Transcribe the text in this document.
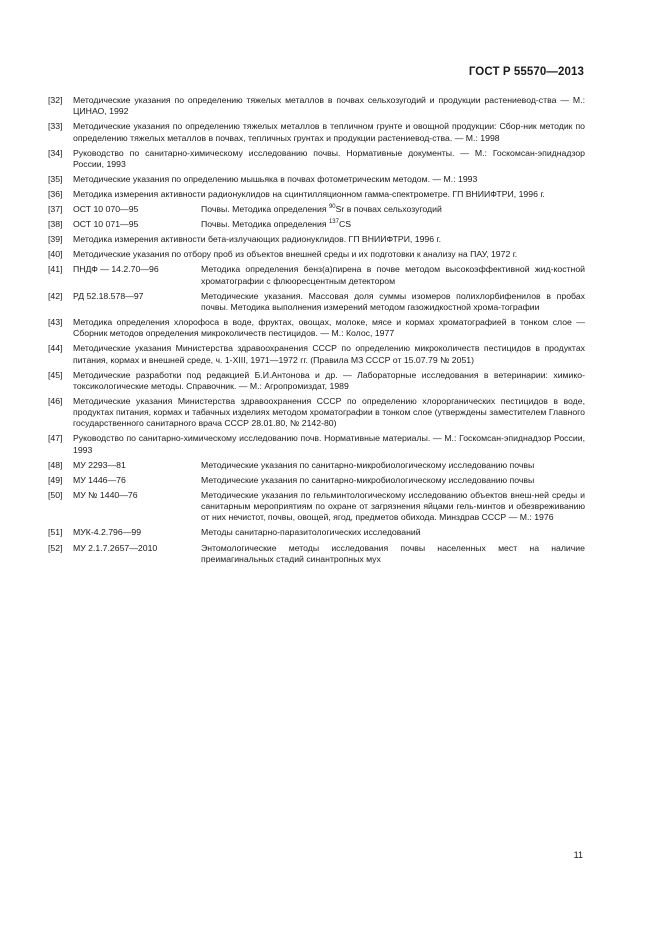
ГОСТ Р 55570—2013
[32]	Методические указания по определению тяжелых металлов в почвах сельхозугодий и продукции растениевод-ства — М.: ЦИНАО, 1992
[33]	Методические указания по определению тяжелых металлов в тепличном грунте и овощной продукции: Сбор-ник методик по определению тяжелых металлов в почвах, тепличных грунтах и продукции растениевод-ства. — М.: 1998
[34]	Руководство по санитарно-химическому исследованию почвы. Нормативные документы. — М.: Госкомсан-эпиднадзор России, 1993
[35]	Методические указания по определению мышьяка в почвах фотометрическим методом. — М.: 1993
[36]	Методика измерения активности радионуклидов на сцинтилляционном гамма-спектрометре. ГП ВНИИФТРИ, 1996 г.
[37]	ОСТ 10 070—95	Почвы. Методика определения $^{90}$Sr в почвах сельхозугодий
[38]	ОСТ 10 071—95	Почвы. Методика определения $^{137}$CS
[39]	Методика измерения активности бета-излучающих радионуклидов. ГП ВНИИФТРИ, 1996 г.
[40]	Методические указания по отбору проб из объектов внешней среды и их подготовки к анализу на ПАУ, 1972 г.
[41]	ПНДФ — 14.2.70—96	Методика определения бенз(а)пирена в почве методом высокоэффективной жид-костной хроматографии с флюоресцентным детектором
[42]	РД 52.18.578—97	Методические указания. Массовая доля суммы изомеров полихлорбифенилов в пробах почвы. Методика выполнения измерений методом газожидкостной хромa-тографии
[43]	Методика определения хлорофоса в воде, фруктах, овощах, молоке, мясе и кормах хроматографией в тонком слое — Сборник методов определения микроколичеств пестицидов. — М.: Колос, 1977
[44]	Методические указания Министерства здравоохранения СССР по определению микроколичеств пестицидов в продуктах питания, кормах и внешней среде, ч. 1-XIII, 1971—1972 гг. (Правила МЗ СССР от 15.07.79 № 2051)
[45]	Методические разработки под редакцией Б.И.Антонова и др. — Лабораторные исследования в ветеринарии: химико-токсикологические методы. Справочник. — М.: Агропромиздат, 1989
[46]	Методические указания Министерства здравоохранения СССР по определению хлорорганических пестицидов в воде, продуктах питания, кормах и табачных изделиях методом хроматографии в тонком слое (утверждены заместителем Главного государственного санитарного врача СССР 28.01.80, № 2142-80)
[47]	Руководство по санитарно-химическому исследованию почв. Нормативные материалы. — М.: Госкомсан-эпиднадзор России, 1993
[48]	МУ 2293—81	Методические указания по санитарно-микробиологическому исследованию почвы
[49]	МУ 1446—76	Методические указания по санитарно-микробиологическому исследованию почвы
[50]	МУ № 1440—76	Методические указания по гельминтологическому исследованию объектов внеш-ней среды и санитарным мероприятиям по охране от загрязнения яйцами гель-минтов и обезвреживанию от них нечистот, почвы, овощей, ягод, предметов обихода. Минздрав СССР — М.: 1976
[51]	МУК-4.2.796—99	Методы санитарно-паразитологических исследований
[52]	МУ 2.1.7.2657—2010	Энтомологические методы исследования почвы населенных мест на наличие преимагинальных стадий синантропных мух
11
